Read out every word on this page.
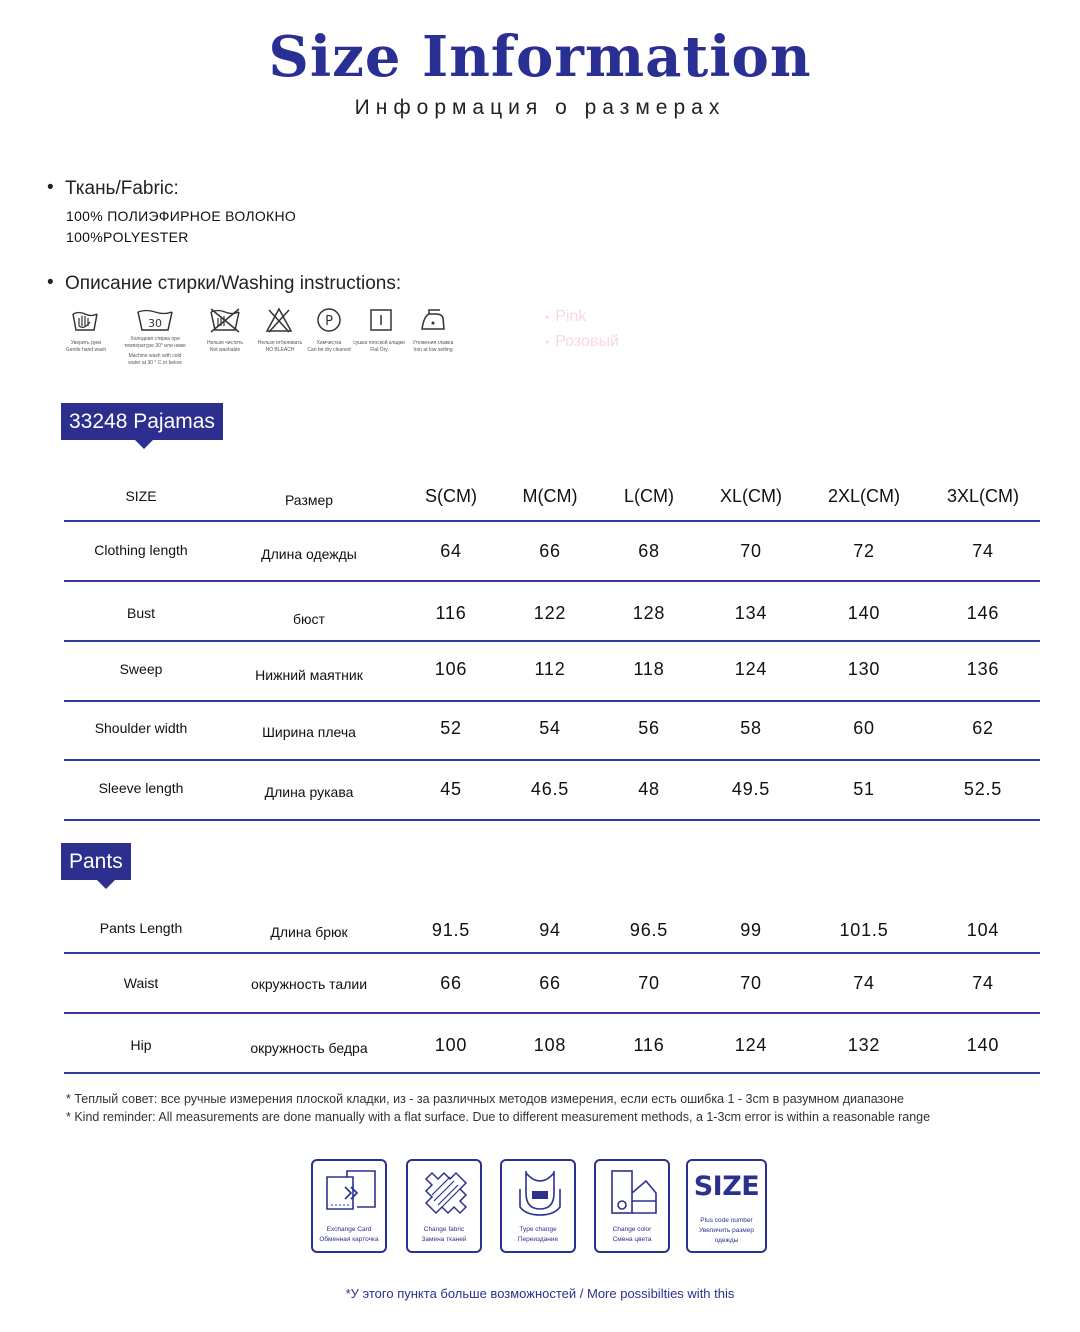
Size Information
Информация о размерах
• Ткань/Fabric:
100% ПОЛИЭФИРНОЕ ВОЛОКНО
100%POLYESTER
• Описание стирки/Washing instructions:
Уверить руки
Gentle hand wash
30
Холодная стирка при
температуре 30° или ниже
Machine wash with cold
water at 30 ° C or below
Нельзя чистить
Not washable
Нельзя отбеливать
NO BLEACH
P
Химчистка
Can be dry cleaned
сушка плоской кладки
Flat Dry
Утюжения глажка
Iron at low setting
• Pink
• Розовый
33248 Pajamas
SIZE	Размер	S(CM)	M(CM)	L(CM)	XL(CM)	2XL(CM)	3XL(CM)
Clothing length	Длина одежды	64	66	68	70	72	74
Bust	бюст	116	122	128	134	140	146
Sweep	Нижний маятник	106	112	118	124	130	136
Shoulder width	Ширина плеча	52	54	56	58	60	62
Sleeve length	Длина рукава	45	46.5	48	49.5	51	52.5
Pants
Pants Length	Длина брюк	91.5	94	96.5	99	101.5	104
Waist	окружность талии	66	66	70	70	74	74
Hip	окружность бедра	100	108	116	124	132	140
* Теплый совет: все ручные измерения плоской кладки, из - за различных методов измерения, если есть ошибка 1 - 3cm в разумном диапазоне
* Kind reminder: All measurements are done manually with a flat surface. Due to different measurement methods, a 1-3cm error is within a reasonable range
Exchange Card
Обменная карточка
Change fabric
Замена тканей
Type change
Переиздание
Change color
Смена цвета
SIZE
Plus code number
Увеличить размер
одежды
*У этого пункта больше возможностей / More possibilties with this
